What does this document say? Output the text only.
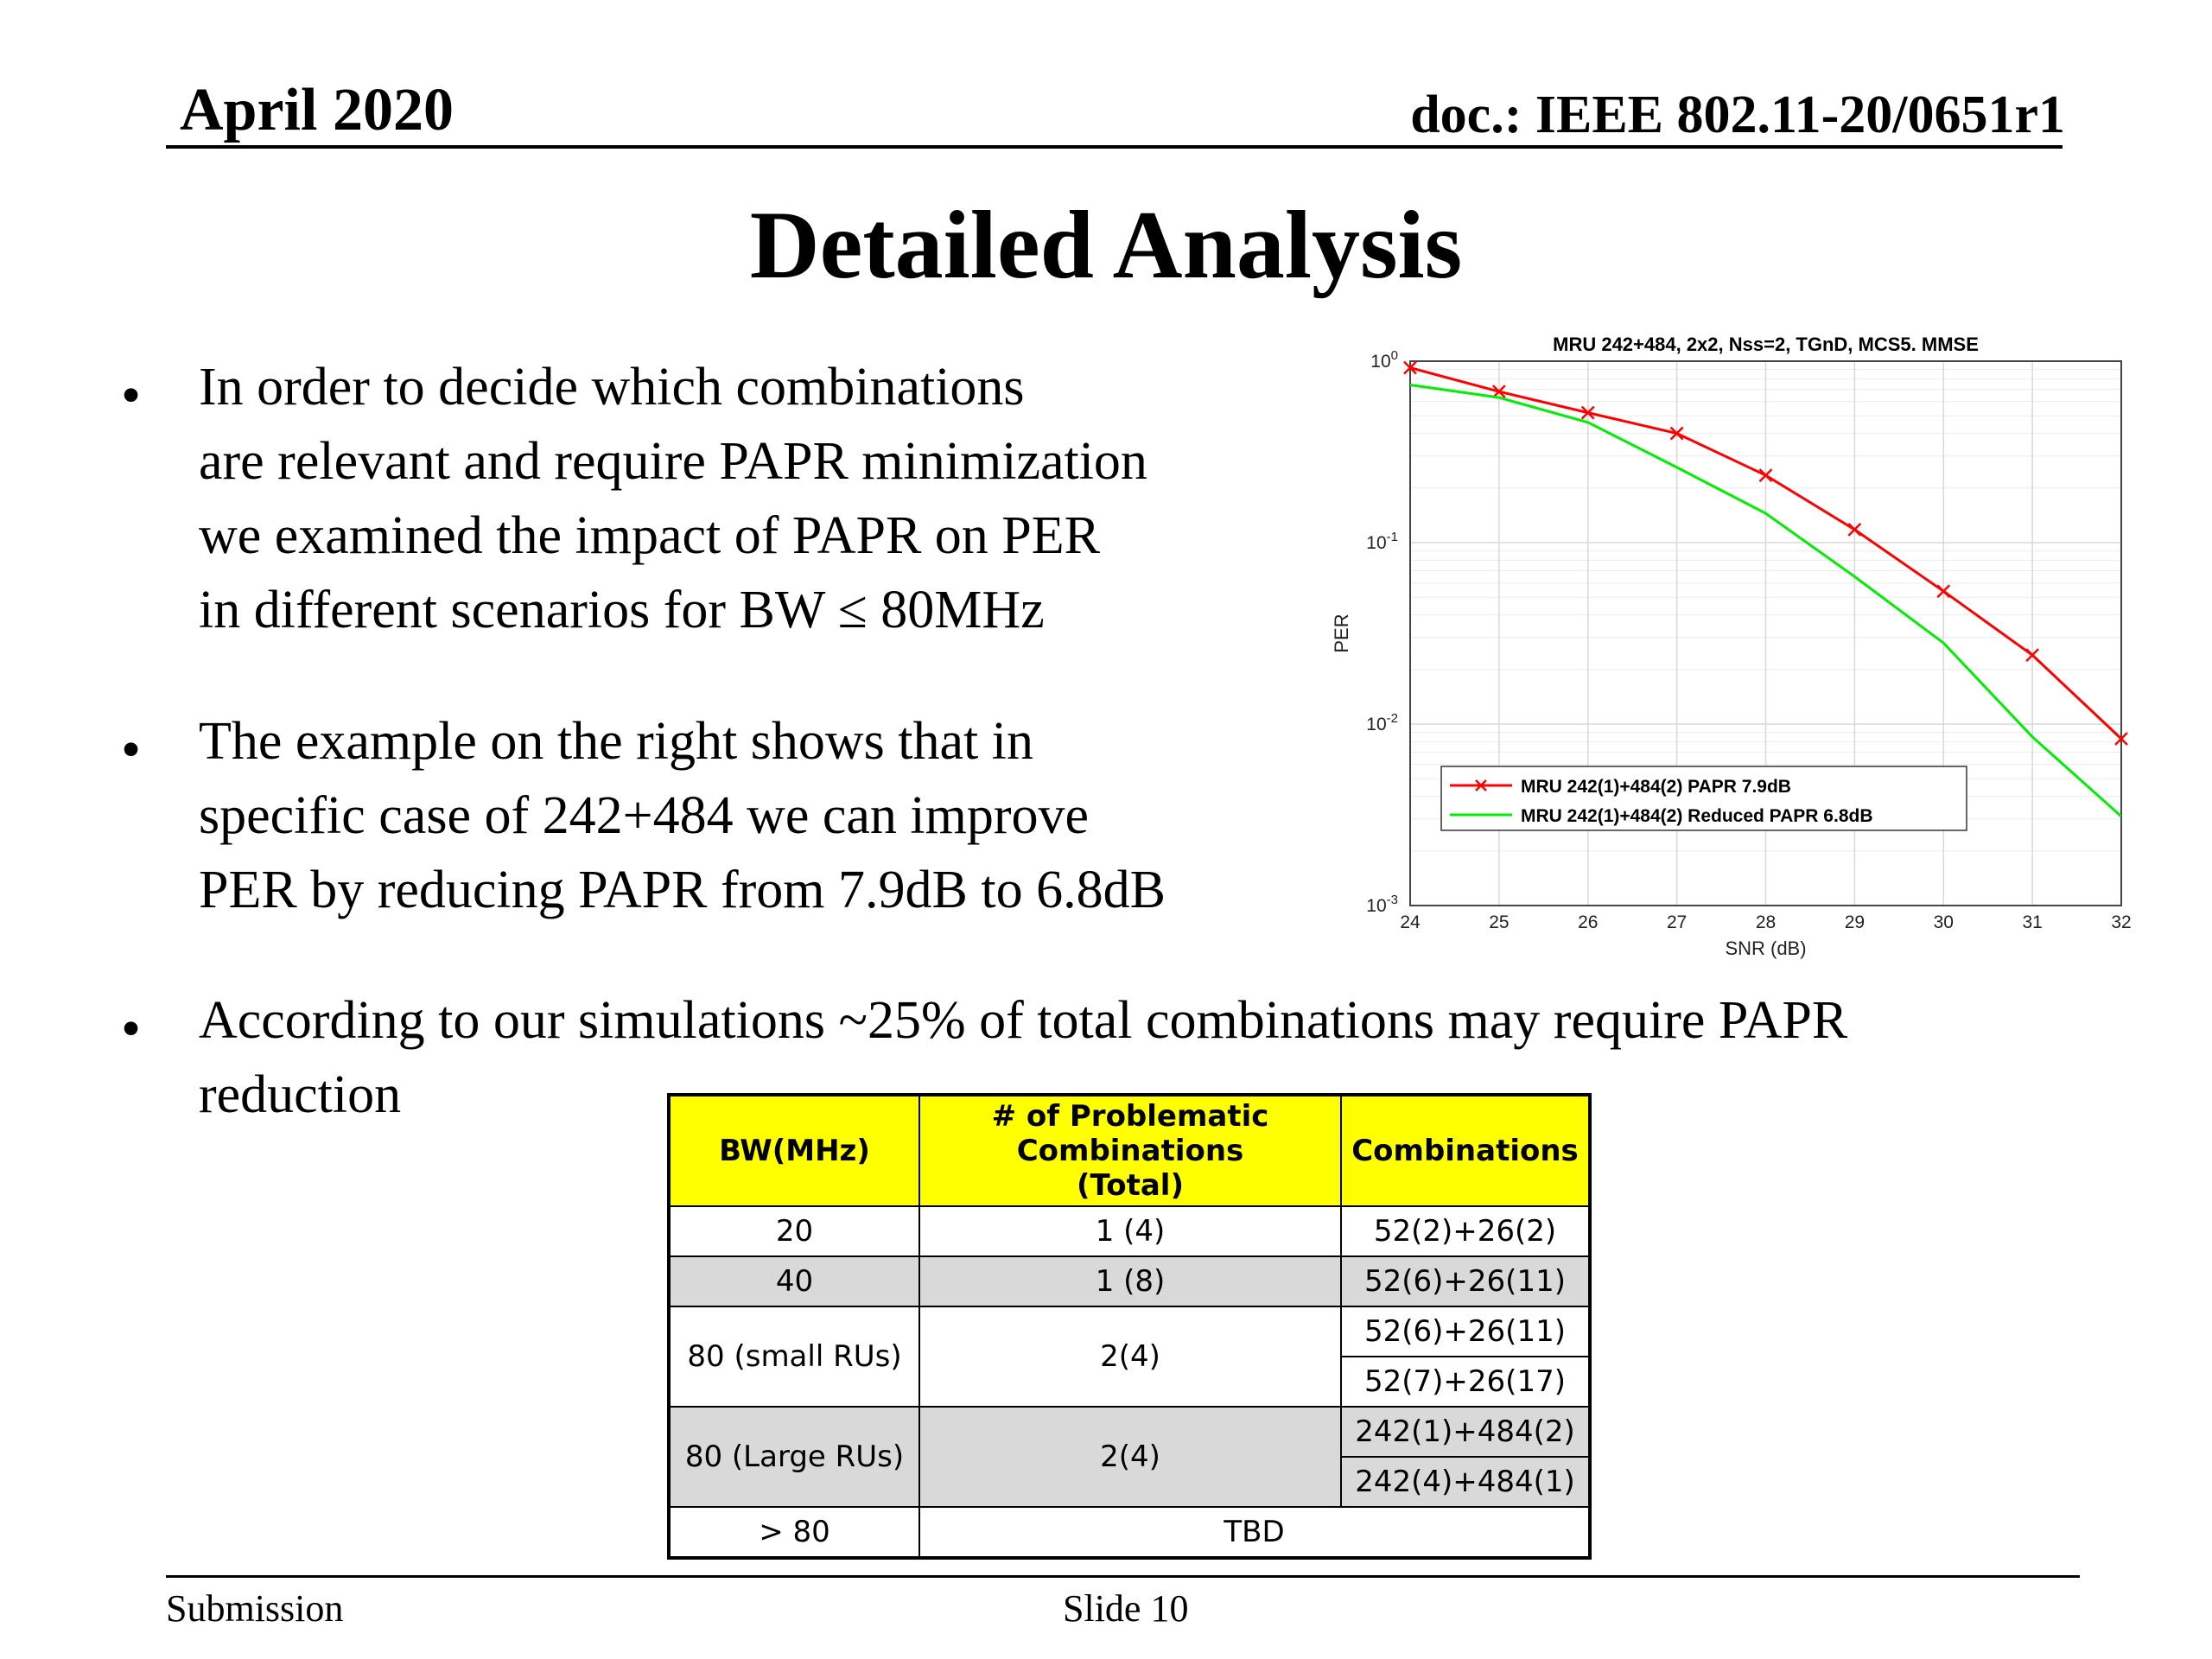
April 2020	doc.: IEEE 802.11-20/0651r1
Detailed Analysis
• In order to decide which combinations
are relevant and require PAPR minimization
we examined the impact of PAPR on PER
in different scenarios for BW ≤ 80MHz
• The example on the right shows that in
specific case of 242+484 we can improve
PER by reducing PAPR from 7.9dB to 6.8dB
• According to our simulations ~25% of total combinations may require PAPR
reduction
24	25	26	27	28	29	30	31	32
$10^0$
$10^{-1}$
$10^{-2}$
$10^{-3}$
MRU 242+484, 2x2, Nss=2, TGnD, MCS5. MMSE
SNR (dB)
PER
MRU 242(1)+484(2) PAPR 7.9dB
MRU 242(1)+484(2) Reduced PAPR 6.8dB
BW(MHz)	# of Problematic Combinations (Total)	Combinations
20	1 (4)	52(2)+26(2)
40	1 (8)	52(6)+26(11)
80 (small RUs)	2(4)	52(6)+26(11)
		52(7)+26(17)
80 (Large RUs)	2(4)	242(1)+484(2)
		242(4)+484(1)
> 80	TBD	
Submission	Slide 10
